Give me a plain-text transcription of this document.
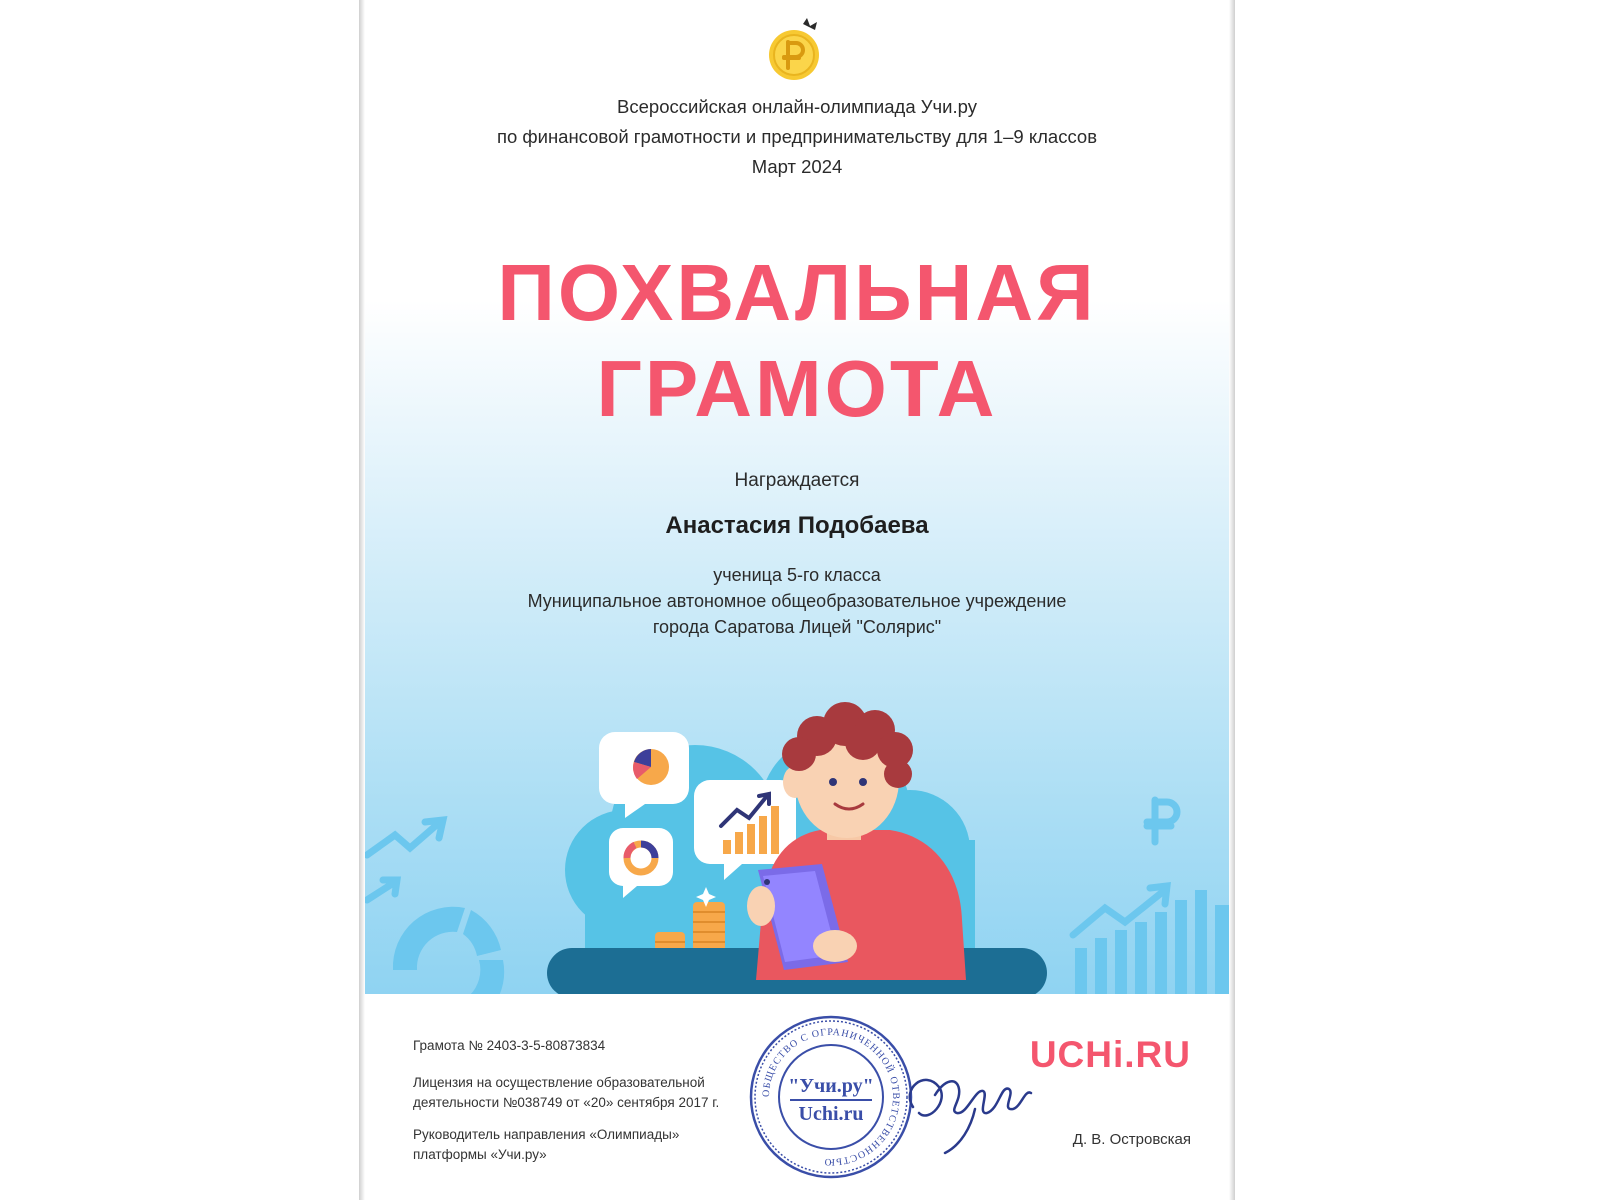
Всероссийская онлайн-олимпиада Учи.ру
по финансовой грамотности и предпринимательству для 1–9 классов
Март 2024
ПОХВАЛЬНАЯ
ГРАМОТА
Награждается
Анастасия Подобаева
ученица 5-го класса
Муниципальное автономное общеобразовательное учреждение
города Саратова Лицей "Солярис"
Грамота № 2403-3-5-80873834
Лицензия на осуществление образовательной
деятельности №038749 от «20» сентября 2017 г.
Руководитель направления «Олимпиады»
платформы «Учи.ру»
ОБЩЕСТВО С ОГРАНИЧЕННОЙ ОТВЕТСТВЕННОСТЬЮ
"Учи.ру"
Uchi.ru
UCHi.RU
Д. В. Островская
